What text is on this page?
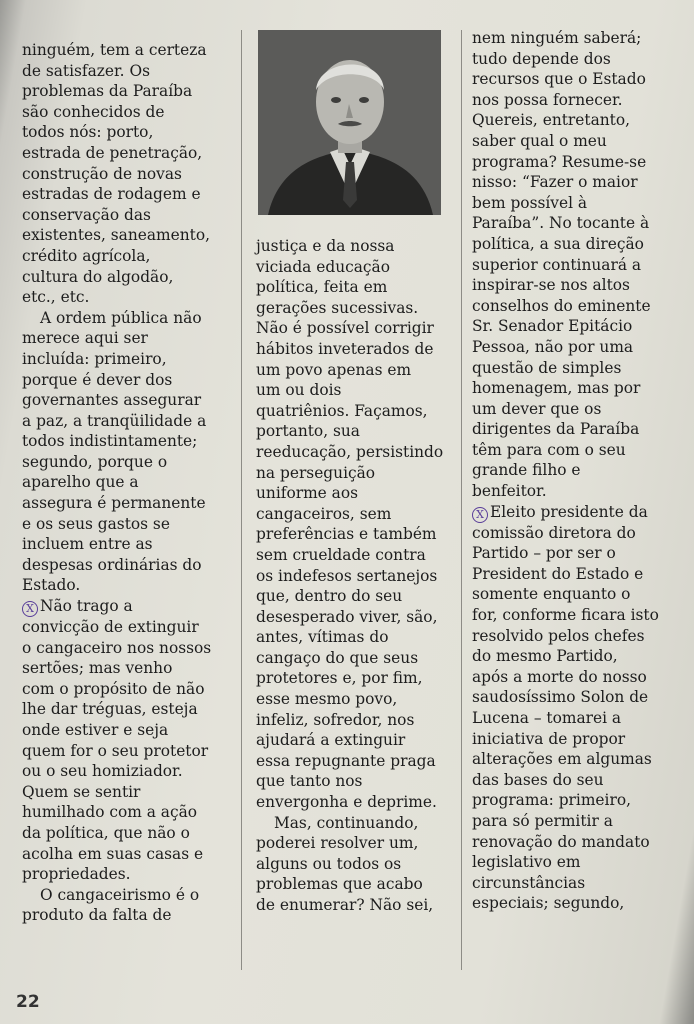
ninguém, tem a certeza
de satisfazer. Os
problemas da Paraíba
são conhecidos de
todos nós: porto,
estrada de penetração,
construção de novas
estradas de rodagem e
conservação das
existentes, saneamento,
crédito agrícola,
cultura do algodão,
etc., etc.
A ordem pública não
merece aqui ser
incluída: primeiro,
porque é dever dos
governantes assegurar
a paz, a tranqüilidade a
todos indistintamente;
segundo, porque o
aparelho que a
assegura é permanente
e os seus gastos se
incluem entre as
despesas ordinárias do
Estado.
X Não trago a
convicção de extinguir
o cangaceiro nos nossos
sertões; mas venho
com o propósito de não
lhe dar tréguas, esteja
onde estiver e seja
quem for o seu protetor
ou o seu homiziador.
Quem se sentir
humilhado com a ação
da política, que não o
acolha em suas casas e
propriedades.
O cangaceirismo é o
produto da falta de
justiça e da nossa
viciada educação
política, feita em
gerações sucessivas.
Não é possível corrigir
hábitos inveterados de
um povo apenas em
um ou dois
quatriênios. Façamos,
portanto, sua
reeducação, persistindo
na perseguição
uniforme aos
cangaceiros, sem
preferências e também
sem crueldade contra
os indefesos sertanejos
que, dentro do seu
desesperado viver, são,
antes, vítimas do
cangaço do que seus
protetores e, por fim,
esse mesmo povo,
infeliz, sofredor, nos
ajudará a extinguir
essa repugnante praga
que tanto nos
envergonha e deprime.
Mas, continuando,
poderei resolver um,
alguns ou todos os
problemas que acabo
de enumerar? Não sei,
nem ninguém saberá;
tudo depende dos
recursos que o Estado
nos possa fornecer.
Quereis, entretanto,
saber qual o meu
programa? Resume-se
nisso: “Fazer o maior
bem possível à
Paraíba”. No tocante à
política, a sua direção
superior continuará a
inspirar-se nos altos
conselhos do eminente
Sr. Senador Epitácio
Pessoa, não por uma
questão de simples
homenagem, mas por
um dever que os
dirigentes da Paraíba
têm para com o seu
grande filho e
benfeitor.
X Eleito presidente da
comissão diretora do
Partido – por ser o
President do Estado e
somente enquanto o
for, conforme ficara isto
resolvido pelos chefes
do mesmo Partido,
após a morte do nosso
saudosíssimo Solon de
Lucena – tomarei a
iniciativa de propor
alterações em algumas
das bases do seu
programa: primeiro,
para só permitir a
renovação do mandato
legislativo em
circunstâncias
especiais; segundo,
22
